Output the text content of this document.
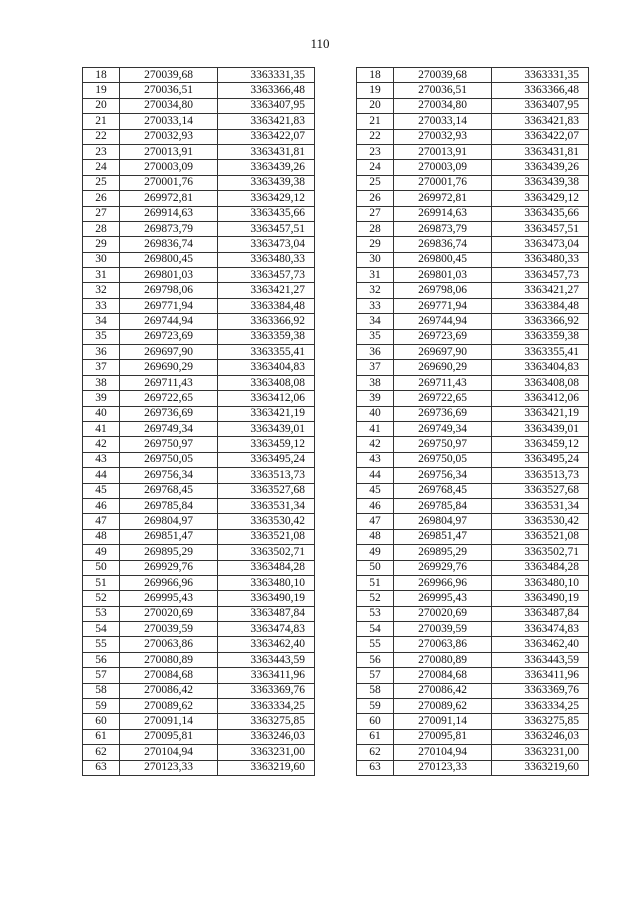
110
18	270039,68	3363331,35
19	270036,51	3363366,48
20	270034,80	3363407,95
21	270033,14	3363421,83
22	270032,93	3363422,07
23	270013,91	3363431,81
24	270003,09	3363439,26
25	270001,76	3363439,38
26	269972,81	3363429,12
27	269914,63	3363435,66
28	269873,79	3363457,51
29	269836,74	3363473,04
30	269800,45	3363480,33
31	269801,03	3363457,73
32	269798,06	3363421,27
33	269771,94	3363384,48
34	269744,94	3363366,92
35	269723,69	3363359,38
36	269697,90	3363355,41
37	269690,29	3363404,83
38	269711,43	3363408,08
39	269722,65	3363412,06
40	269736,69	3363421,19
41	269749,34	3363439,01
42	269750,97	3363459,12
43	269750,05	3363495,24
44	269756,34	3363513,73
45	269768,45	3363527,68
46	269785,84	3363531,34
47	269804,97	3363530,42
48	269851,47	3363521,08
49	269895,29	3363502,71
50	269929,76	3363484,28
51	269966,96	3363480,10
52	269995,43	3363490,19
53	270020,69	3363487,84
54	270039,59	3363474,83
55	270063,86	3363462,40
56	270080,89	3363443,59
57	270084,68	3363411,96
58	270086,42	3363369,76
59	270089,62	3363334,25
60	270091,14	3363275,85
61	270095,81	3363246,03
62	270104,94	3363231,00
63	270123,33	3363219,60
18	270039,68	3363331,35
19	270036,51	3363366,48
20	270034,80	3363407,95
21	270033,14	3363421,83
22	270032,93	3363422,07
23	270013,91	3363431,81
24	270003,09	3363439,26
25	270001,76	3363439,38
26	269972,81	3363429,12
27	269914,63	3363435,66
28	269873,79	3363457,51
29	269836,74	3363473,04
30	269800,45	3363480,33
31	269801,03	3363457,73
32	269798,06	3363421,27
33	269771,94	3363384,48
34	269744,94	3363366,92
35	269723,69	3363359,38
36	269697,90	3363355,41
37	269690,29	3363404,83
38	269711,43	3363408,08
39	269722,65	3363412,06
40	269736,69	3363421,19
41	269749,34	3363439,01
42	269750,97	3363459,12
43	269750,05	3363495,24
44	269756,34	3363513,73
45	269768,45	3363527,68
46	269785,84	3363531,34
47	269804,97	3363530,42
48	269851,47	3363521,08
49	269895,29	3363502,71
50	269929,76	3363484,28
51	269966,96	3363480,10
52	269995,43	3363490,19
53	270020,69	3363487,84
54	270039,59	3363474,83
55	270063,86	3363462,40
56	270080,89	3363443,59
57	270084,68	3363411,96
58	270086,42	3363369,76
59	270089,62	3363334,25
60	270091,14	3363275,85
61	270095,81	3363246,03
62	270104,94	3363231,00
63	270123,33	3363219,60
